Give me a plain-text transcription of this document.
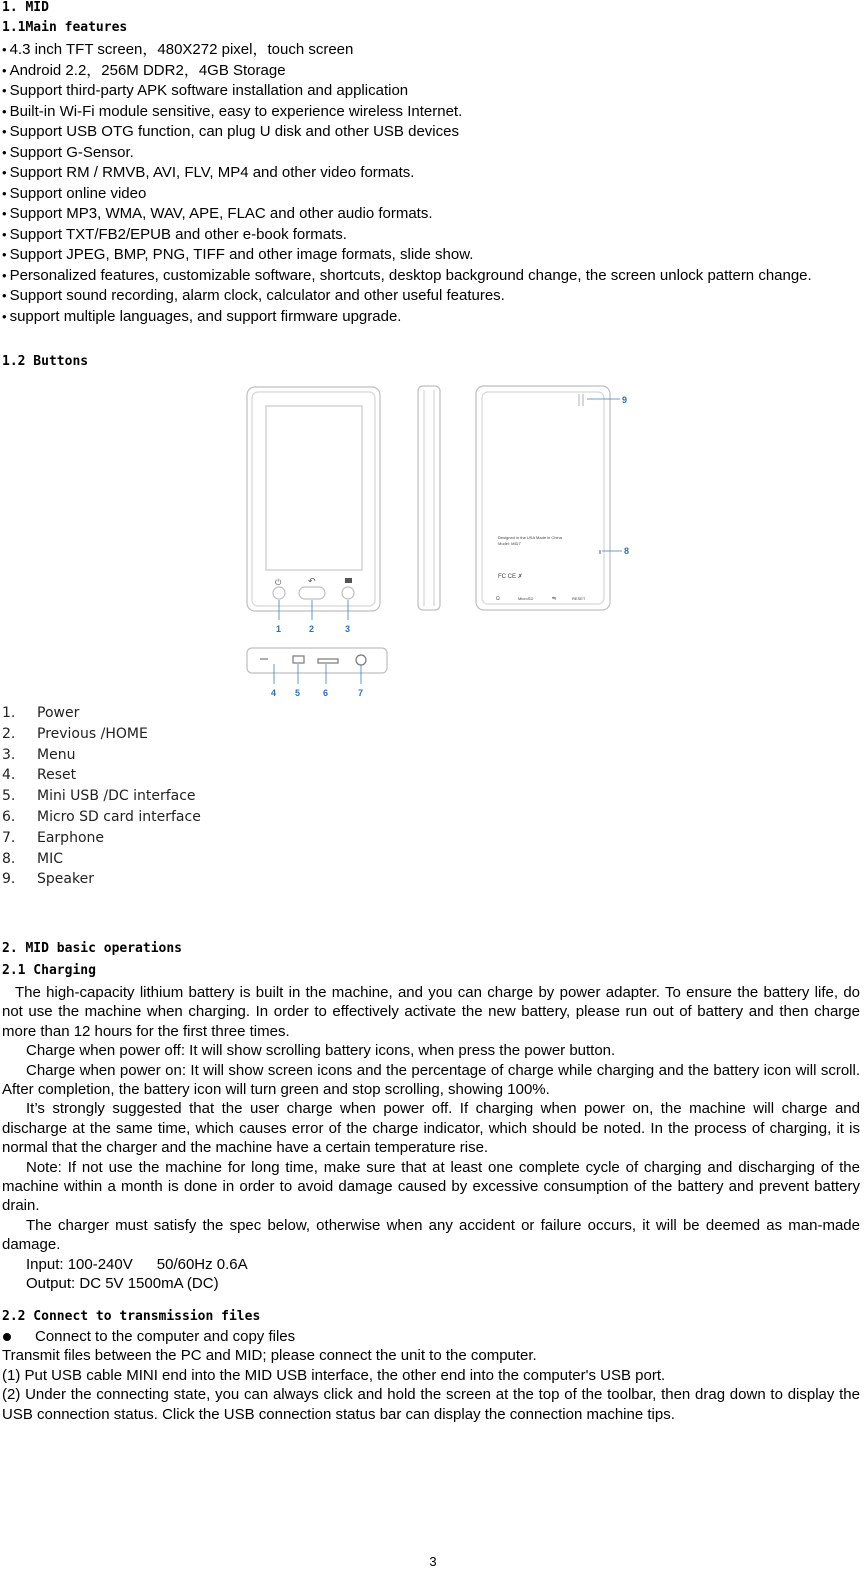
1. MID
1.1Main features
• 4.3 inch TFT screen，480X272 pixel，touch screen
• Android 2.2，256M DDR2，4GB Storage
• Support third-party APK software installation and application
• Built-in Wi-Fi module sensitive, easy to experience wireless Internet.
• Support USB OTG function, can plug U disk and other USB devices
• Support G-Sensor.
• Support RM / RMVB, AVI, FLV, MP4 and other video formats.
• Support online video
• Support MP3, WMA, WAV, APE, FLAC and other audio formats.
• Support TXT/FB2/EPUB and other e-book formats.
• Support JPEG, BMP, PNG, TIFF and other image formats, slide show.
• Personalized features, customizable software, shortcuts, desktop background change, the screen unlock pattern change.
• Support sound recording, alarm clock, calculator and other useful features.
• support multiple languages, and support firmware upgrade.
1.2 Buttons
⏻	↶
Designed in the USA Made in China
Model: MID7
FC CE ✗
Ω	MicroSD	⇋	RESET
1	2	3
4 5	6	7
8
9
1. Power
2. Previous /HOME
3. Menu
4. Reset
5. Mini USB /DC interface
6. Micro SD card interface
7. Earphone
8. MIC
9. Speaker
2. MID basic operations
2.1 Charging

The high-capacity lithium battery is built in the machine, and you can charge by power adapter. To ensure the battery life, do not use the machine when charging. In order to effectively activate the new battery, please run out of battery and then charge more than 12 hours for the first three times.

Charge when power off: It will show scrolling battery icons, when press the power button.

Charge when power on: It will show screen icons and the percentage of charge while charging and the battery icon will scroll. After completion, the battery icon will turn green and stop scrolling, showing 100%.

It’s strongly suggested that the user charge when power off. If charging when power on, the machine will charge and discharge at the same time, which causes error of the charge indicator, which should be noted. In the process of charging, it is normal that the charger and the machine have a certain temperature rise.

Note: If not use the machine for long time, make sure that at least one complete cycle of charging and discharging of the machine within a month is done in order to avoid damage caused by excessive consumption of the battery and prevent battery drain.

The charger must satisfy the spec below, otherwise when any accident or failure occurs, it will be deemed as man-made damage.

Input: 100-240V 50/60Hz 0.6A
Output: DC 5V 1500mA (DC)
2.2 Connect to transmission files

Connect to the computer and copy files

Transmit files between the PC and MID; please connect the unit to the computer.

(1) Put USB cable MINI end into the MID USB interface, the other end into the computer's USB port.

(2) Under the connecting state, you can always click and hold the screen at the top of the toolbar, then drag down to display the USB connection status. Click the USB connection status bar can display the connection machine tips.

3
